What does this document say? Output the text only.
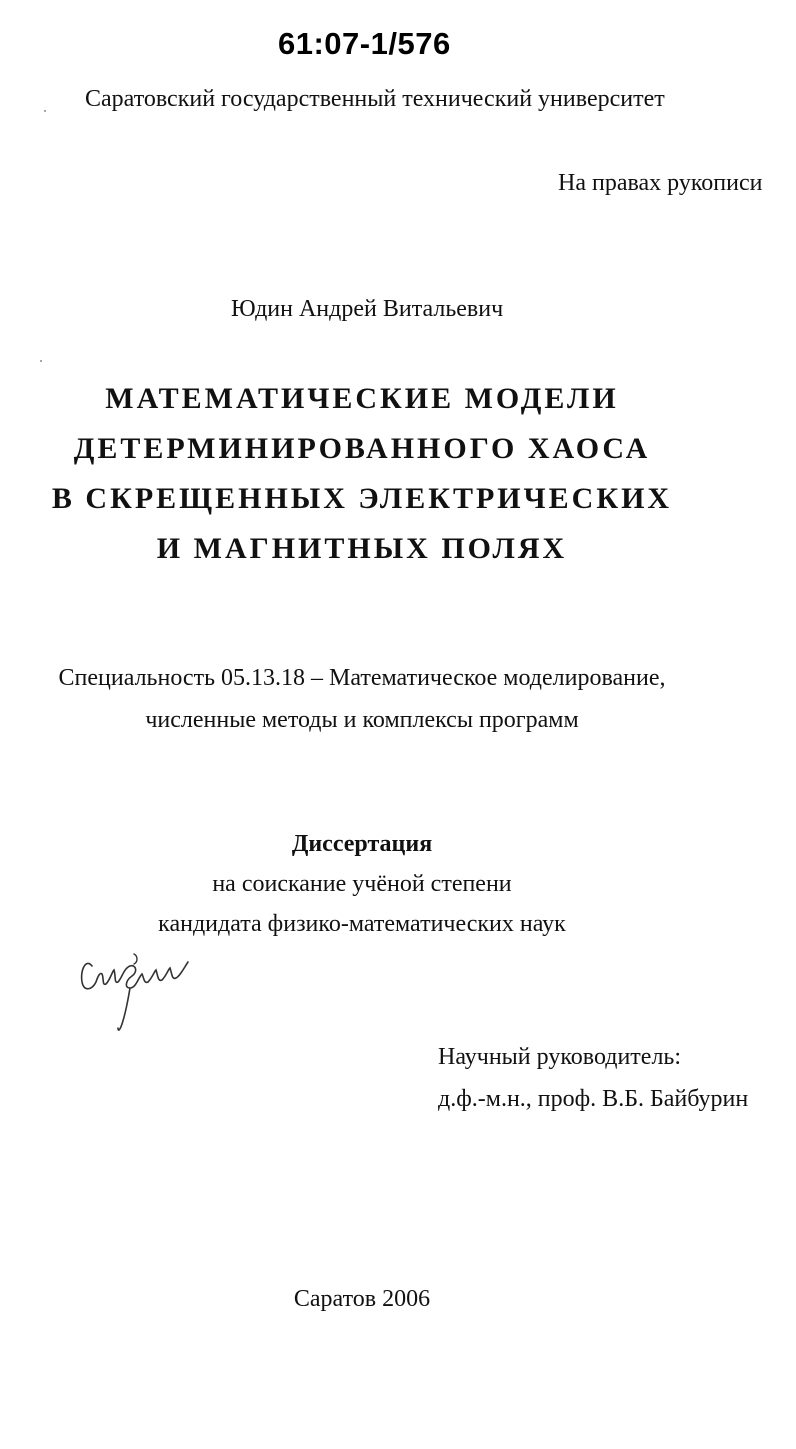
61:07-1/576
Саратовский государственный технический университет
На правах рукописи
Юдин Андрей Витальевич
МАТЕМАТИЧЕСКИЕ МОДЕЛИ
ДЕТЕРМИНИРОВАННОГО ХАОСА
В СКРЕЩЕННЫХ ЭЛЕКТРИЧЕСКИХ
И МАГНИТНЫХ ПОЛЯХ
Специальность 05.13.18 – Математическое моделирование,
численные методы и комплексы программ
Диссертация
на соискание учёной степени
кандидата физико-математических наук
Научный руководитель:
д.ф.-м.н., проф. В.Б. Байбурин
Саратов 2006
